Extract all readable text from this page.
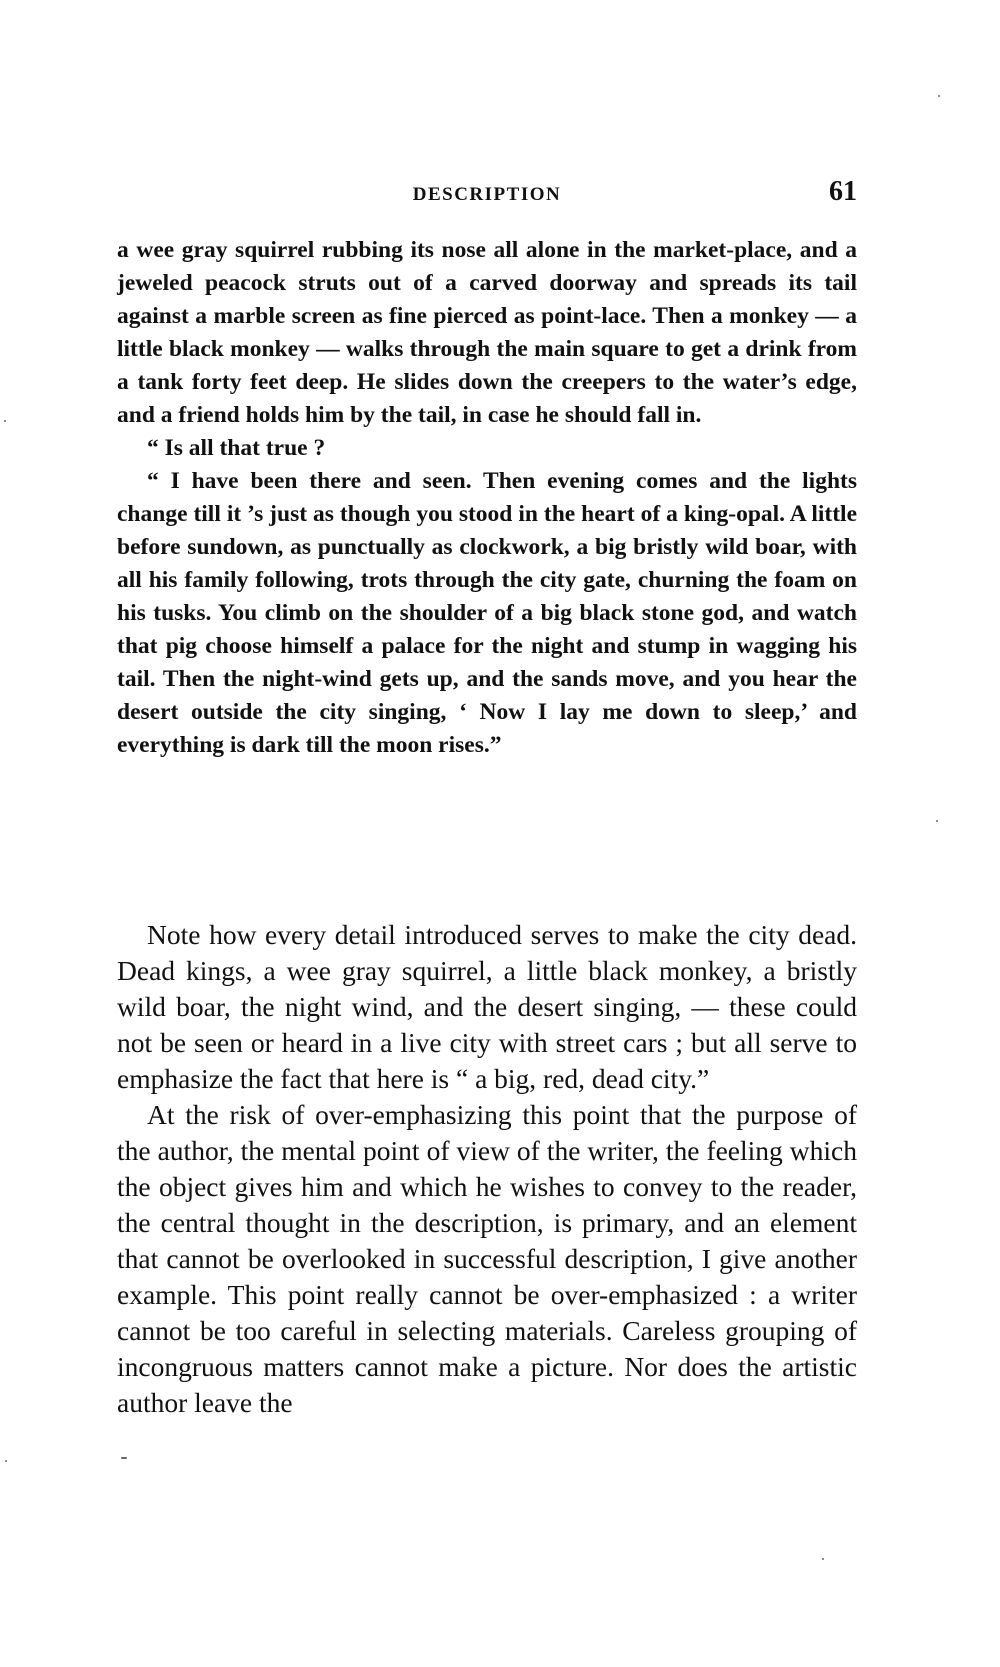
DESCRIPTION	61

a wee gray squirrel rubbing its nose all alone in the market-place, and a jeweled peacock struts out of a carved doorway and spreads its tail against a marble screen as fine pierced as point-lace. Then a monkey — a little black monkey — walks through the main square to get a drink from a tank forty feet deep. He slides down the creepers to the water’s edge, and a friend holds him by the tail, in case he should fall in.

“ Is all that true ?

“ I have been there and seen. Then evening comes and the lights change till it ’s just as though you stood in the heart of a king-opal. A little before sundown, as punctually as clockwork, a big bristly wild boar, with all his family following, trots through the city gate, churning the foam on his tusks. You climb on the shoulder of a big black stone god, and watch that pig choose himself a palace for the night and stump in wagging his tail. Then the night-wind gets up, and the sands move, and you hear the desert outside the city singing, ‘ Now I lay me down to sleep,’ and everything is dark till the moon rises.”

Note how every detail introduced serves to make the city dead. Dead kings, a wee gray squirrel, a little black monkey, a bristly wild boar, the night wind, and the desert singing, — these could not be seen or heard in a live city with street cars ; but all serve to emphasize the fact that here is “ a big, red, dead city.”

At the risk of over-emphasizing this point that the purpose of the author, the mental point of view of the writer, the feeling which the object gives him and which he wishes to convey to the reader, the central thought in the description, is primary, and an element that cannot be overlooked in successful description, I give another example. This point really cannot be over-emphasized : a writer cannot be too careful in selecting materials. Careless grouping of incongruous matters cannot make a picture. Nor does the artistic author leave the
